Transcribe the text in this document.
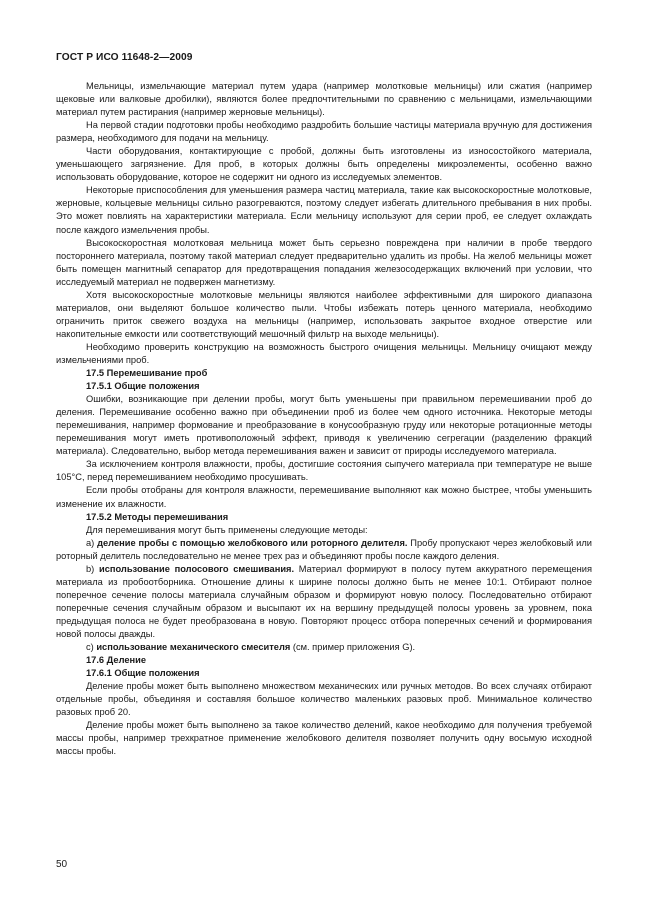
ГОСТ Р ИСО 11648-2—2009

Мельницы, измельчающие материал путем удара (например молотковые мельницы) или сжатия (например щековые или валковые дробилки), являются более предпочтительными по сравнению с мельницами, измельчающими материал путем растирания (например жерновые мельницы).

На первой стадии подготовки пробы необходимо раздробить большие частицы материала вручную для достижения размера, необходимого для подачи на мельницу.

Части оборудования, контактирующие с пробой, должны быть изготовлены из износостойкого материала, уменьшающего загрязнение. Для проб, в которых должны быть определены микроэлементы, особенно важно использовать оборудование, которое не содержит ни одного из исследуемых элементов.

Некоторые приспособления для уменьшения размера частиц материала, такие как высокоскоростные молотковые, жерновые, кольцевые мельницы сильно разогреваются, поэтому следует избегать длительного пребывания в них пробы. Это может повлиять на характеристики материала. Если мельницу используют для серии проб, ее следует охлаждать после каждого измельчения пробы.

Высокоскоростная молотковая мельница может быть серьезно повреждена при наличии в пробе твердого постороннего материала, поэтому такой материал следует предварительно удалить из пробы. На желоб мельницы может быть помещен магнитный сепаратор для предотвращения попадания железосодержащих включений при условии, что исследуемый материал не подвержен магнетизму.

Хотя высокоскоростные молотковые мельницы являются наиболее эффективными для широкого диапазона материалов, они выделяют большое количество пыли. Чтобы избежать потерь ценного материала, необходимо ограничить приток свежего воздуха на мельницы (например, использовать закрытое входное отверстие или накопительные емкости или соответствующий мешочный фильтр на выходе мельницы).

Необходимо проверить конструкцию на возможность быстрого очищения мельницы. Мельницу очищают между измельчениями проб.

17.5 Перемешивание проб

17.5.1 Общие положения

Ошибки, возникающие при делении пробы, могут быть уменьшены при правильном перемешивании проб до деления. Перемешивание особенно важно при объединении проб из более чем одного источника. Некоторые методы перемешивания, например формование и преобразование в конусообразную груду или некоторые ротационные методы перемешивания могут иметь противоположный эффект, приводя к увеличению сегрегации (разделению фракций материала). Следовательно, выбор метода перемешивания важен и зависит от природы исследуемого материала.

За исключением контроля влажности, пробы, достигшие состояния сыпучего материала при температуре не выше 105°С, перед перемешиванием необходимо просушивать.

Если пробы отобраны для контроля влажности, перемешивание выполняют как можно быстрее, чтобы уменьшить изменение их влажности.

17.5.2 Методы перемешивания

Для перемешивания могут быть применены следующие методы:

а) деление пробы с помощью желобкового или роторного делителя. Пробу пропускают через желобковый или роторный делитель последовательно не менее трех раз и объединяют пробы после каждого деления.

b) использование полосового смешивания. Материал формируют в полосу путем аккуратного перемещения материала из пробоотборника. Отношение длины к ширине полосы должно быть не менее 10:1. Отбирают полное поперечное сечение полосы материала случайным образом и формируют новую полосу. Последовательно отбирают поперечные сечения случайным образом и высыпают их на вершину предыдущей полосы уровень за уровнем, пока предыдущая полоса не будет преобразована в новую. Повторяют процесс отбора поперечных сечений и формирования новой полосы дважды.

с) использование механического смесителя (см. пример приложения G).

17.6 Деление

17.6.1 Общие положения

Деление пробы может быть выполнено множеством механических или ручных методов. Во всех случаях отбирают отдельные пробы, объединяя и составляя большое количество маленьких разовых проб. Минимальное количество разовых проб 20.

Деление пробы может быть выполнено за такое количество делений, какое необходимо для получения требуемой массы пробы, например трехкратное применение желобкового делителя позволяет получить одну восьмую исходной массы пробы.

50
